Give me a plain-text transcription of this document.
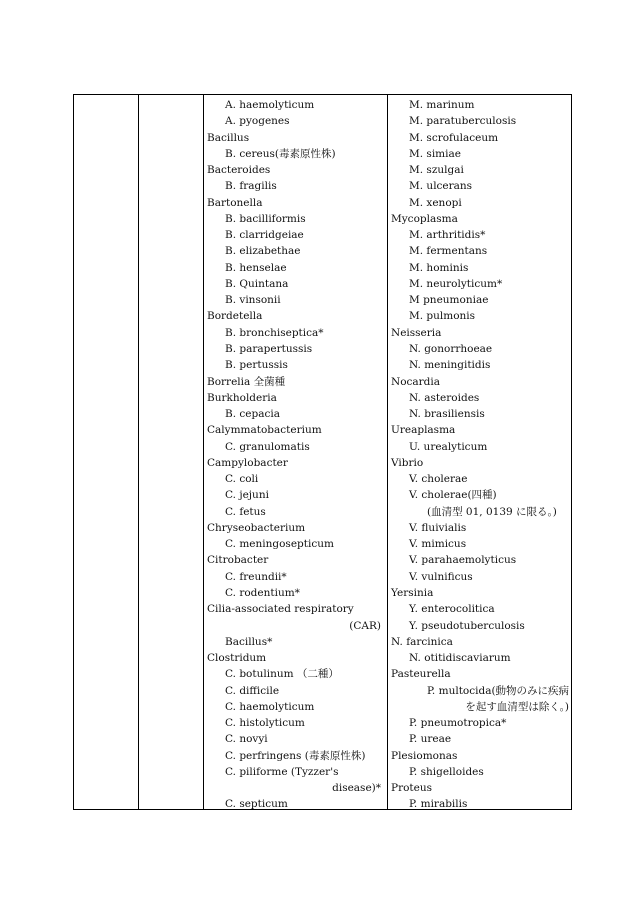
A. haemolyticum
A. pyogenes
Bacillus
B. cereus(毒素原性株)
Bacteroides
B. fragilis
Bartonella
B. bacilliformis
B. clarridgeiae
B. elizabethae
B. henselae
B. Quintana
B. vinsonii
Bordetella
B. bronchiseptica*
B. parapertussis
B. pertussis
Borrelia 全菌種
Burkholderia
B. cepacia
Calymmatobacterium
C. granulomatis
Campylobacter
C. coli
C. jejuni
C. fetus
Chryseobacterium
C. meningosepticum
Citrobacter
C. freundii*
C. rodentium*
Cilia-associated respiratory
(CAR)
Bacillus*
Clostridum
C. botulinum （二種）
C. difficile
C. haemolyticum
C. histolyticum
C. novyi
C. perfringens (毒素原性株)
C. piliforme (Tyzzer's
disease)*
C. septicum
M. marinum
M. paratuberculosis
M. scrofulaceum
M. simiae
M. szulgai
M. ulcerans
M. xenopi
Mycoplasma
M. arthritidis*
M. fermentans
M. hominis
M. neurolyticum*
M pneumoniae
M. pulmonis
Neisseria
N. gonorrhoeae
N. meningitidis
Nocardia
N. asteroides
N. brasiliensis
Ureaplasma
U. urealyticum
Vibrio
V. cholerae
V. cholerae(四種)
(血清型 01, 0139 に限る。)
V. fluivialis
V. mimicus
V. parahaemolyticus
V. vulnificus
Yersinia
Y. enterocolitica
Y. pseudotuberculosis
N. farcinica
N. otitidiscaviarum
Pasteurella
P. multocida(動物のみに疾病
を起す血清型は除く。)
P. pneumotropica*
P. ureae
Plesiomonas
P. shigelloides
Proteus
P. mirabilis
